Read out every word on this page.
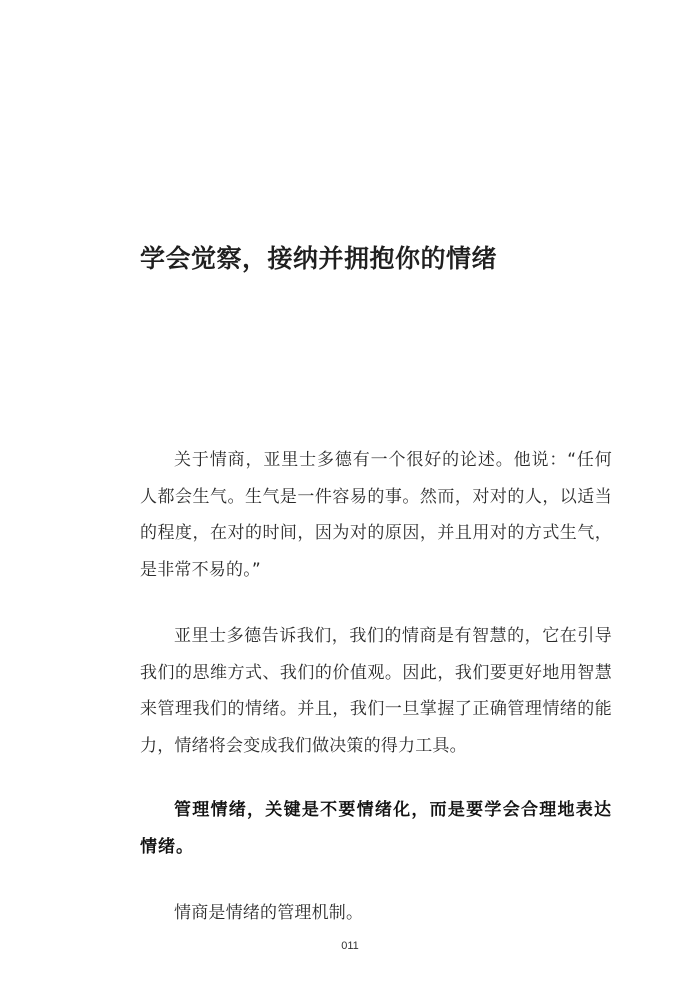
学会觉察，接纳并拥抱你的情绪

关于情商，亚里士多德有一个很好的论述。他说：“任何人都会生气。生气是一件容易的事。然而，对对的人，以适当的程度，在对的时间，因为对的原因，并且用对的方式生气，是非常不易的。”

亚里士多德告诉我们，我们的情商是有智慧的，它在引导我们的思维方式、我们的价值观。因此，我们要更好地用智慧来管理我们的情绪。并且，我们一旦掌握了正确管理情绪的能力，情绪将会变成我们做决策的得力工具。

管理情绪，关键是不要情绪化，而是要学会合理地表达情绪。

情商是情绪的管理机制。

011
